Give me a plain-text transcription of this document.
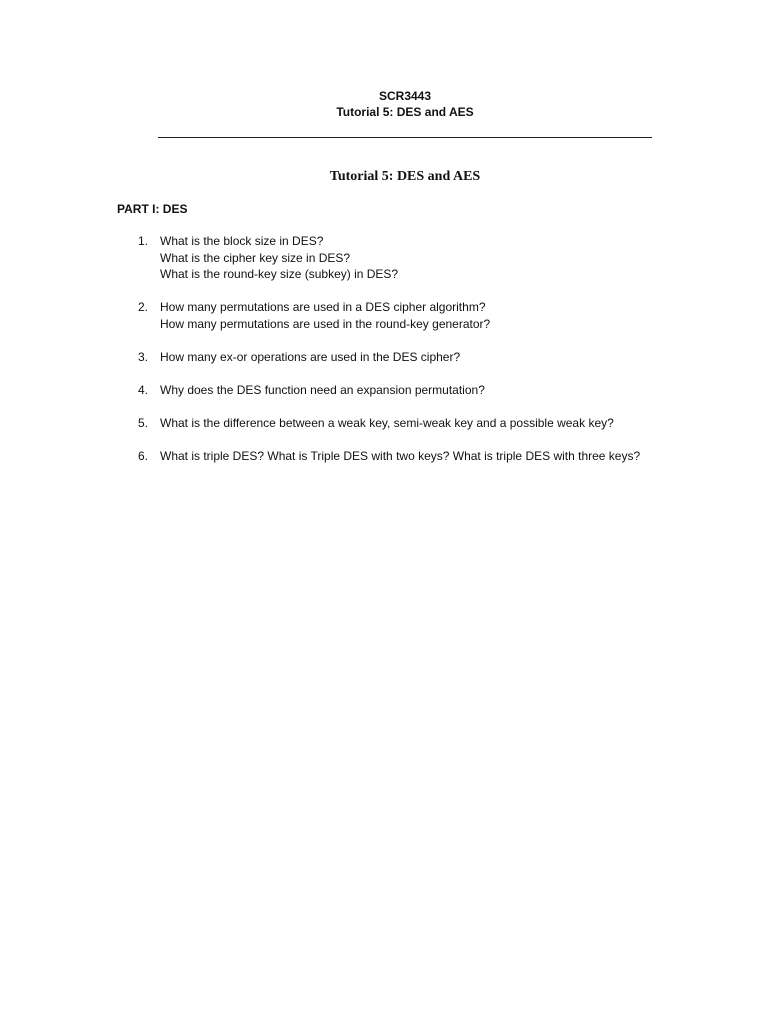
SCR3443
Tutorial 5: DES and AES
Tutorial 5: DES and AES
PART I: DES
1. What is the block size in DES?
What is the cipher key size in DES?
What is the round-key size (subkey) in DES?
2. How many permutations are used in a DES cipher algorithm?
How many permutations are used in the round-key generator?
3. How many ex-or operations are used in the DES cipher?
4. Why does the DES function need an expansion permutation?
5. What is the difference between a weak key, semi-weak key and a possible weak key?
6. What is triple DES? What is Triple DES with two keys? What is triple DES with three keys?
